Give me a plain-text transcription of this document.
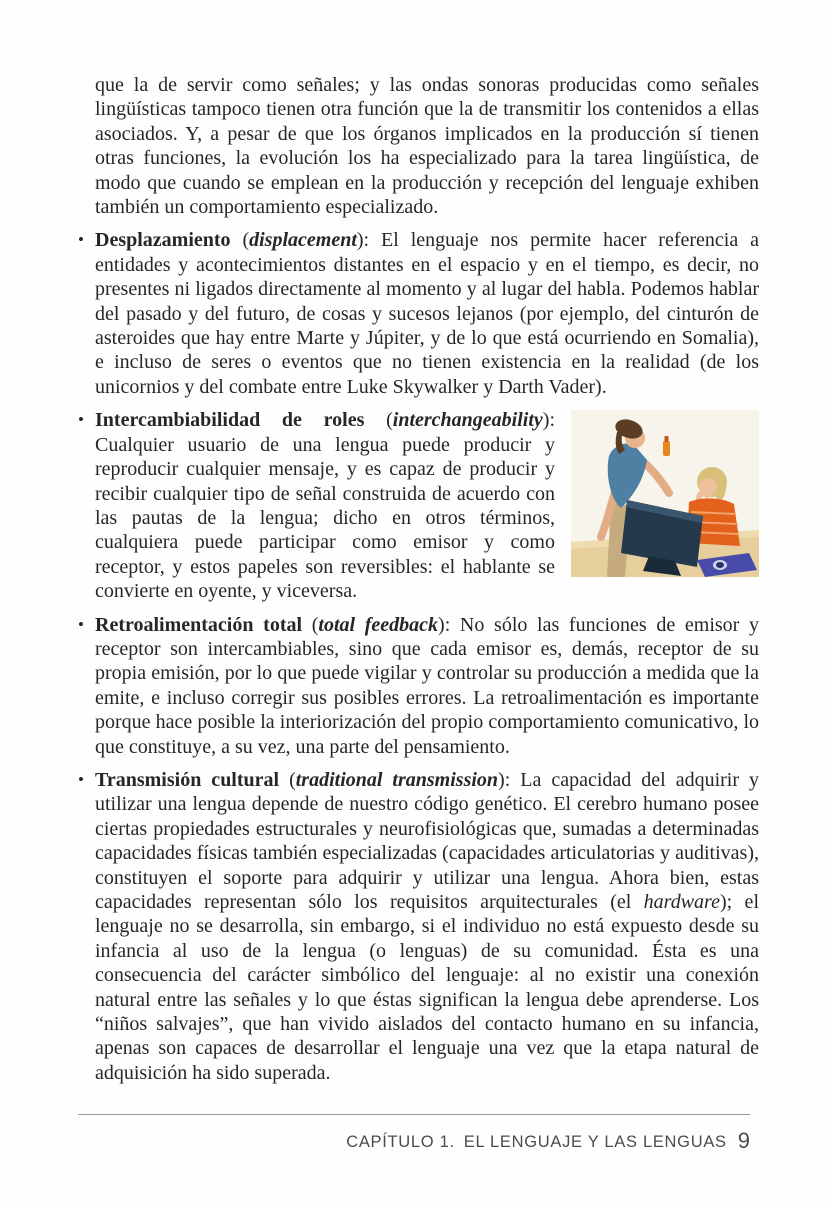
que la de servir como señales; y las ondas sonoras producidas como señales lingüísticas tampoco tienen otra función que la de transmitir los contenidos a ellas asociados. Y, a pesar de que los órganos implicados en la producción sí tienen otras funciones, la evolución los ha especializado para la tarea lingüística, de modo que cuando se emplean en la producción y recepción del lenguaje exhiben también un comportamiento especializado.

• Desplazamiento (displacement): El lenguaje nos permite hacer referencia a entidades y acontecimientos distantes en el espacio y en el tiempo, es decir, no presentes ni ligados directamente al momento y al lugar del habla. Podemos hablar del pasado y del futuro, de cosas y sucesos lejanos (por ejemplo, del cinturón de asteroides que hay entre Marte y Júpiter, y de lo que está ocurriendo en Somalia), e incluso de seres o eventos que no tienen existencia en la realidad (de los unicornios y del combate entre Luke Skywalker y Darth Vader).
• Intercambiabilidad de roles (interchangeability): Cualquier usuario de una lengua puede producir y reproducir cualquier mensaje, y es capaz de producir y recibir cualquier tipo de señal construida de acuerdo con las pautas de la lengua; dicho en otros términos, cualquiera puede participar como emisor y como receptor, y estos papeles son reversibles: el hablante se convierte en oyente, y viceversa.
• Retroalimentación total (total feedback): No sólo las funciones de emisor y receptor son intercambiables, sino que cada emisor es, demás, receptor de su propia emisión, por lo que puede vigilar y controlar su producción a medida que la emite, e incluso corregir sus posibles errores. La retroalimentación es importante porque hace posible la interiorización del propio comportamiento comunicativo, lo que constituye, a su vez, una parte del pensamiento.
• Transmisión cultural (traditional transmission): La capacidad del adquirir y utilizar una lengua depende de nuestro código genético. El cerebro humano posee ciertas propiedades estructurales y neurofisiológicas que, sumadas a determinadas capacidades físicas también especializadas (capacidades articulatorias y auditivas), constituyen el soporte para adquirir y utilizar una lengua. Ahora bien, estas capacidades representan sólo los requisitos arquitecturales (el hardware); el lenguaje no se desarrolla, sin embargo, si el individuo no está expuesto desde su infancia al uso de la lengua (o lenguas) de su comunidad. Ésta es una consecuencia del carácter simbólico del lenguaje: al no existir una conexión natural entre las señales y lo que éstas significan la lengua debe aprenderse. Los “niños salvajes”, que han vivido aislados del contacto humano en su infancia, apenas son capaces de desarrollar el lenguaje una vez que la etapa natural de adquisición ha sido superada.
CAPÍTULO 1. EL LENGUAJE Y LAS LENGUAS 9
